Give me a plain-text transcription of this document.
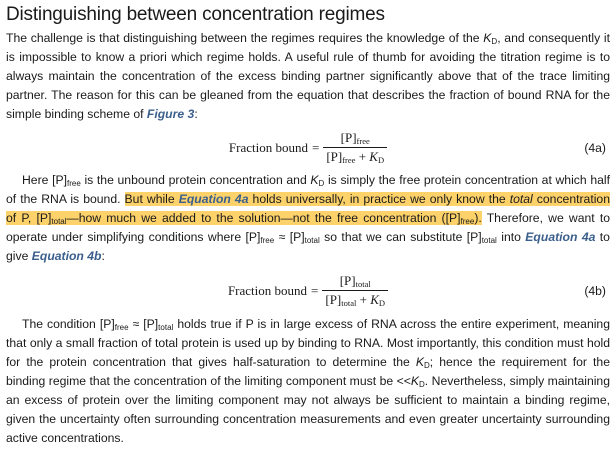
Distinguishing between concentration regimes

The challenge is that distinguishing between the regimes requires the knowledge of the $K_D$, and consequently it is impossible to know a priori which regime holds. A useful rule of thumb for avoiding the titration regime is to always maintain the concentration of the excess binding partner significantly above that of the trace limiting partner. The reason for this can be gleaned from the equation that describes the fraction of bound RNA for the simple binding scheme of Figure 3:

Fraction bound = $\frac{[P]_{free}}{[P]_{free} + K_D}$	(4a)

Here $[P]_{free}$ is the unbound protein concentration and $K_D$ is simply the free protein concentration at which half of the RNA is bound. But while Equation 4a holds universally, in practice we only know the total concentration of P, $[P]_{total}—how$ much we added to the solution—not the free concentration $([P]_{free})$. Therefore, we want to operate under simplifying conditions where $[P]_{free} \approx [P]_{total}$ so that we can substitute $[P]_{total}$ into Equation 4a to give Equation 4b:

Fraction bound = $\frac{[P]_{total}}{[P]_{total} + K_D}$	(4b)

The condition $[P]_{free} \approx [P]_{total}$ holds true if P is in large excess of RNA across the entire experiment, meaning that only a small fraction of total protein is used up by binding to RNA. Most importantly, this condition must hold for the protein concentration that gives half-saturation to determine the $K_D$; hence the requirement for the binding regime that the concentration of the limiting component must be $<<K_D$. Nevertheless, simply maintaining an excess of protein over the limiting component may not always be sufficient to maintain a binding regime, given the uncertainty often surrounding concentration measurements and even greater uncertainty surrounding active concentrations.
